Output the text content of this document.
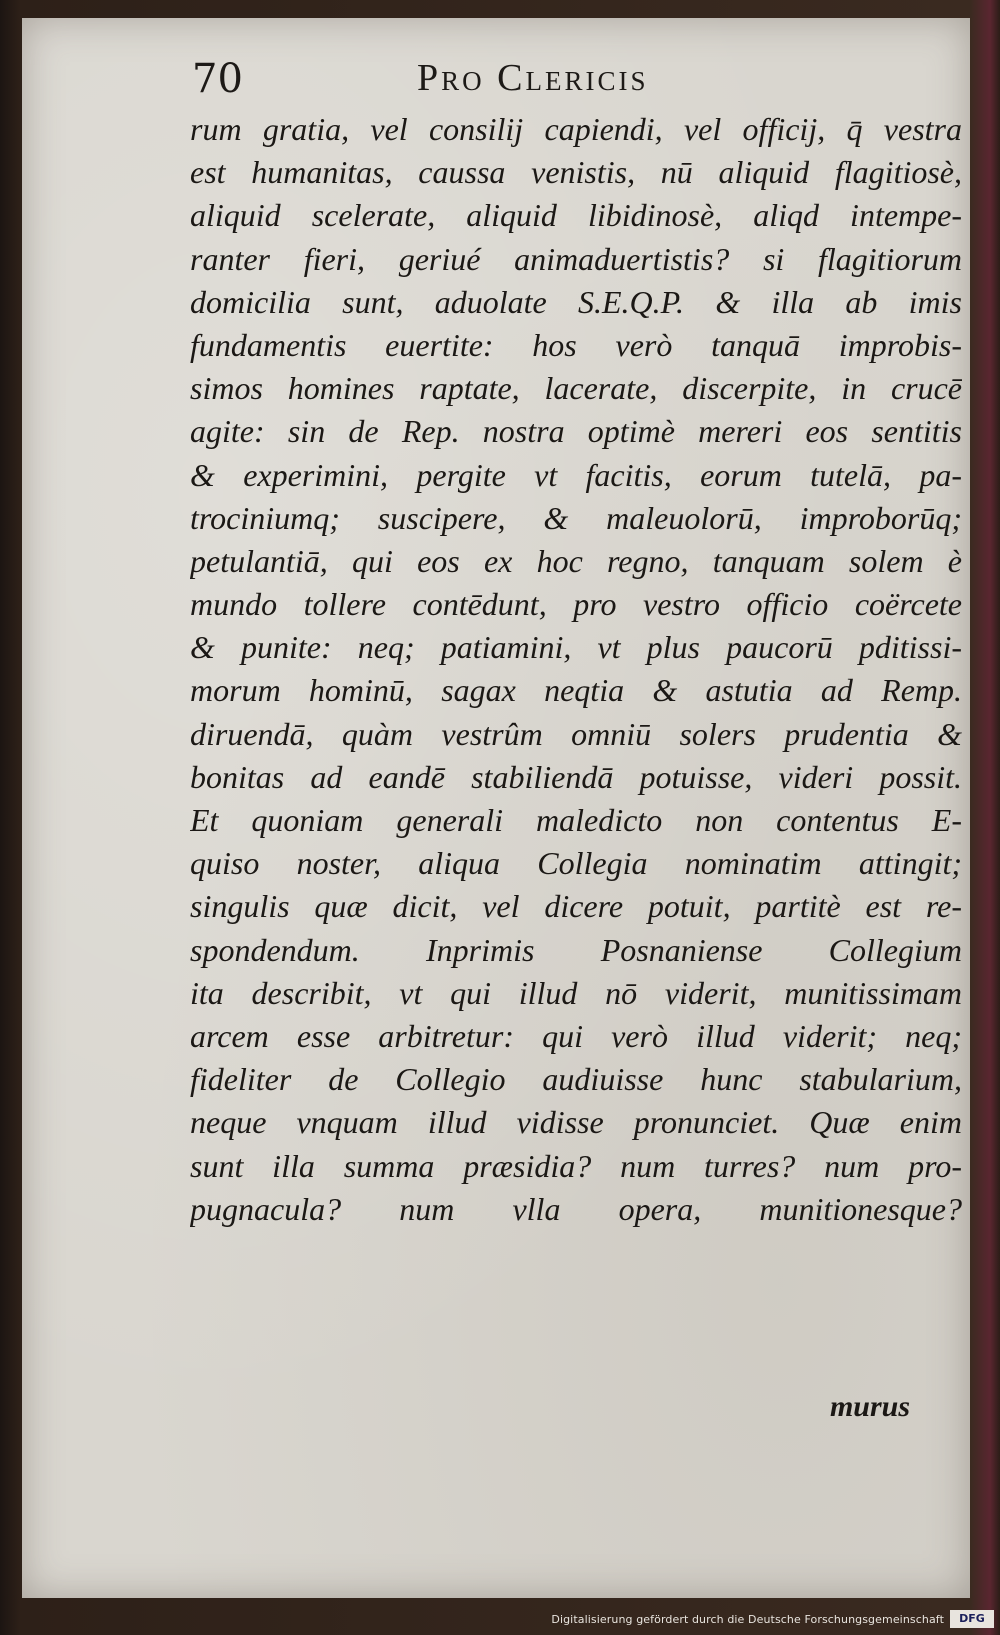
70	Pro Clericis
rum gratia, vel consilij capiendi, vel officij, q̄ vestra
est humanitas, caussa venistis, nū aliquid flagitiosè,
aliquid scelerate, aliquid libidinosè, aliqd intempe-
ranter fieri, geriué animaduertistis? si flagitiorum
domicilia sunt, aduolate S.E.Q.P. & illa ab imis
fundamentis euertite: hos verò tanquā improbis-
simos homines raptate, lacerate, discerpite, in crucē
agite: sin de Rep. nostra optimè mereri eos sentitis
& experimini, pergite vt facitis, eorum tutelā, pa-
trociniumq; suscipere, & maleuolorū, improborūq;
petulantiā, qui eos ex hoc regno, tanquam solem è
mundo tollere contēdunt, pro vestro officio coërcete
& punite: neq; patiamini, vt plus paucorū pditissi-
morum hominū, sagax neqtia & astutia ad Remp.
diruendā, quàm vestrûm omniū solers prudentia &
bonitas ad eandē stabiliendā potuisse, videri possit.
Et quoniam generali maledicto non contentus E-
quiso noster, aliqua Collegia nominatim attingit;
singulis quæ dicit, vel dicere potuit, partitè est re-
spondendum. Inprimis Posnaniense Collegium
ita describit, vt qui illud nō viderit, munitissimam
arcem esse arbitretur: qui verò illud viderit; neq;
fideliter de Collegio audiuisse hunc stabularium,
neque vnquam illud vidisse pronunciet. Quæ enim
sunt illa summa præsidia? num turres? num pro-
pugnacula? num vlla opera, munitionesque?
murus
Digitalisierung gefördert durch die Deutsche Forschungsgemeinschaft	DFG
